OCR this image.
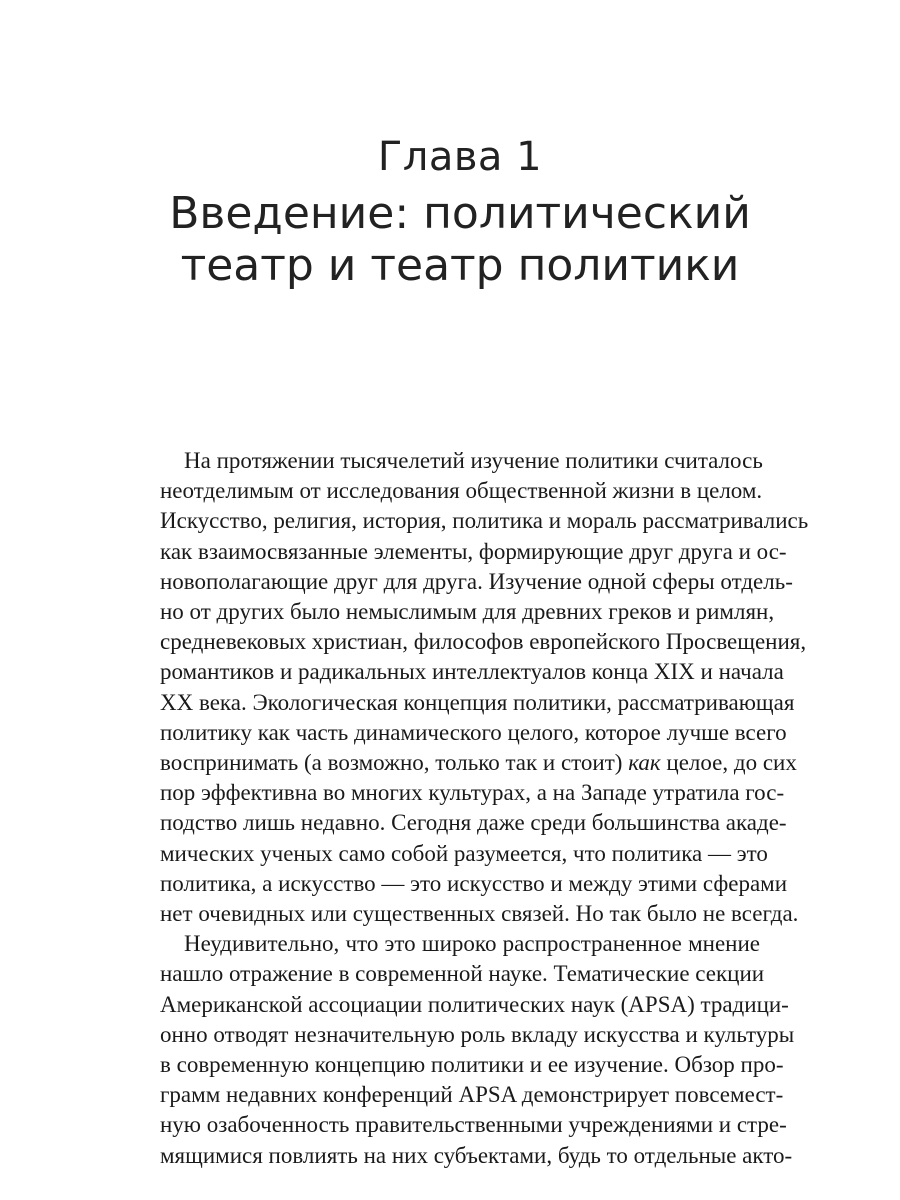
Глава 1
Введение: политический
театр и театр политики
На протяжении тысячелетий изучение политики считалось
неотделимым от исследования общественной жизни в целом.
Искусство, религия, история, политика и мораль рассматривались
как взаимосвязанные элементы, формирующие друг друга и ос-
новополагающие друг для друга. Изучение одной сферы отдель-
но от других было немыслимым для древних греков и римлян,
средневековых христиан, философов европейского Просвещения,
романтиков и радикальных интеллектуалов конца XIX и начала
XX века. Экологическая концепция политики, рассматривающая
политику как часть динамического целого, которое лучше всего
воспринимать (а возможно, только так и стоит) как целое, до сих
пор эффективна во многих культурах, а на Западе утратила гос-
подство лишь недавно. Сегодня даже среди большинства акаде-
мических ученых само собой разумеется, что политика — это
политика, а искусство — это искусство и между этими сферами
нет очевидных или существенных связей. Но так было не всегда.
Неудивительно, что это широко распространенное мнение
нашло отражение в современной науке. Тематические секции
Американской ассоциации политических наук (APSA) традици-
онно отводят незначительную роль вкладу искусства и культуры
в современную концепцию политики и ее изучение. Обзор про-
грамм недавних конференций APSA демонстрирует повсемест-
ную озабоченность правительственными учреждениями и стре-
мящимися повлиять на них субъектами, будь то отдельные акто-
